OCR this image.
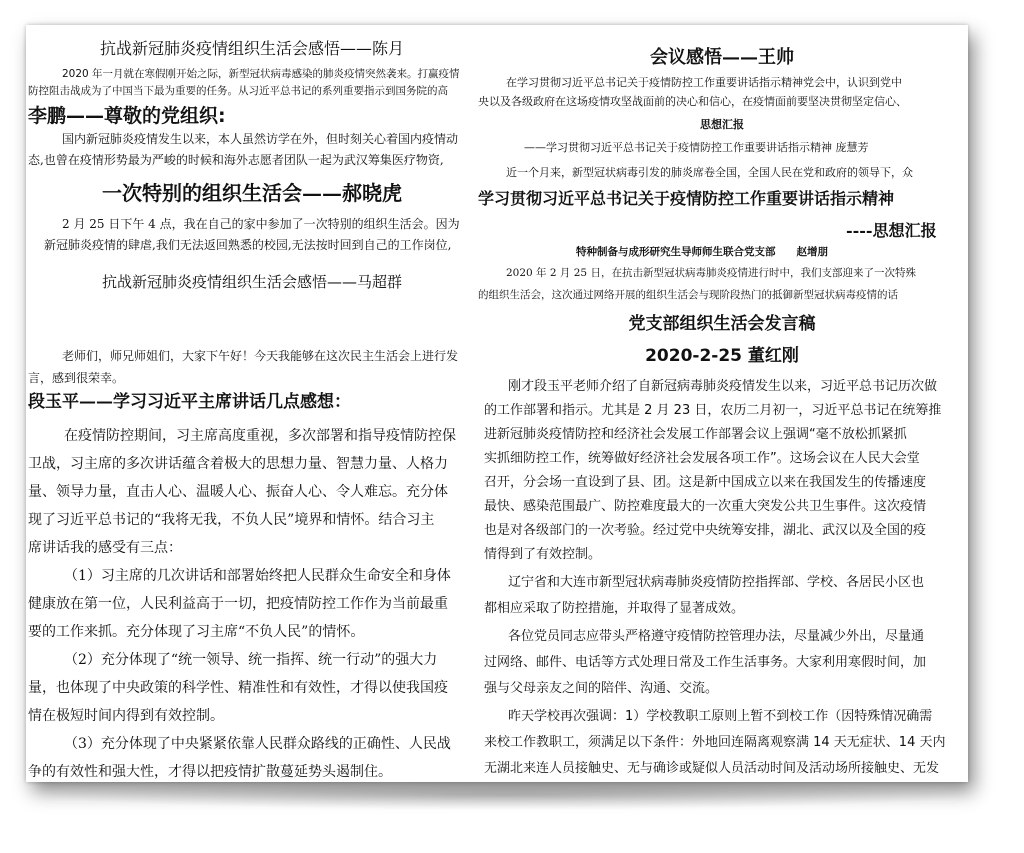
抗战新冠肺炎疫情组织生活会感悟——陈月
2020 年一月就在寒假刚开始之际，新型冠状病毒感染的肺炎疫情突然袭来。打赢疫情
防控阻击战成为了中国当下最为重要的任务。从习近平总书记的系列重要指示到国务院的高
李鹏——尊敬的党组织:
国内新冠肺炎疫情发生以来，本人虽然访学在外，但时刻关心着国内疫情动
态,也曾在疫情形势最为严峻的时候和海外志愿者团队一起为武汉筹集医疗物资,
一次特别的组织生活会——郝晓虎
2 月 25 日下午 4 点，我在自己的家中参加了一次特别的组织生活会。因为
新冠肺炎疫情的肆虐,我们无法返回熟悉的校园,无法按时回到自己的工作岗位,
抗战新冠肺炎疫情组织生活会感悟——马超群
老师们，师兄师姐们，大家下午好！今天我能够在这次民主生活会上进行发
言，感到很荣幸。
段玉平——学习习近平主席讲话几点感想：
在疫情防控期间，习主席高度重视，多次部署和指导疫情防控保
卫战，习主席的多次讲话蕴含着极大的思想力量、智慧力量、人格力
量、领导力量，直击人心、温暖人心、振奋人心、令人难忘。充分体
现了习近平总书记的“我将无我，不负人民”境界和情怀。结合习主
席讲话我的感受有三点：
（1）习主席的几次讲话和部署始终把人民群众生命安全和身体
健康放在第一位，人民利益高于一切，把疫情防控工作作为当前最重
要的工作来抓。充分体现了习主席“不负人民”的情怀。
（2）充分体现了“统一领导、统一指挥、统一行动”的强大力
量，也体现了中央政策的科学性、精准性和有效性，才得以使我国疫
情在极短时间内得到有效控制。
（3）充分体现了中央紧紧依靠人民群众路线的正确性、人民战
争的有效性和强大性，才得以把疫情扩散蔓延势头遏制住。
会议感悟——王帅
在学习贯彻习近平总书记关于疫情防控工作重要讲话指示精神党会中，认识到党中
央以及各级政府在这场疫情攻坚战面前的决心和信心，在疫情面前要坚决贯彻坚定信心、
思想汇报
——学习贯彻习近平总书记关于疫情防控工作重要讲话指示精神 庞慧芳
近一个月来，新型冠状病毒引发的肺炎席卷全国，全国人民在党和政府的领导下，众
学习贯彻习近平总书记关于疫情防控工作重要讲话指示精神
----思想汇报
特种制备与成形研究生导师师生联合党支部　　赵增朋
2020 年 2 月 25 日，在抗击新型冠状病毒肺炎疫情进行时中，我们支部迎来了一次特殊
的组织生活会，这次通过网络开展的组织生活会与现阶段热门的抵御新型冠状病毒疫情的话
党支部组织生活会发言稿
2020-2-25 董红刚
刚才段玉平老师介绍了自新冠病毒肺炎疫情发生以来，习近平总书记历次做
的工作部署和指示。尤其是 2 月 23 日，农历二月初一，习近平总书记在统筹推
进新冠肺炎疫情防控和经济社会发展工作部署会议上强调“毫不放松抓紧抓
实抓细防控工作，统筹做好经济社会发展各项工作”。这场会议在人民大会堂
召开，分会场一直设到了县、团。这是新中国成立以来在我国发生的传播速度
最快、感染范围最广、防控难度最大的一次重大突发公共卫生事件。这次疫情
也是对各级部门的一次考验。经过党中央统筹安排，湖北、武汉以及全国的疫
情得到了有效控制。
辽宁省和大连市新型冠状病毒肺炎疫情防控指挥部、学校、各居民小区也
都相应采取了防控措施，并取得了显著成效。
各位党员同志应带头严格遵守疫情防控管理办法，尽量减少外出，尽量通
过网络、邮件、电话等方式处理日常及工作生活事务。大家利用寒假时间，加
强与父母亲友之间的陪伴、沟通、交流。
昨天学校再次强调：1）学校教职工原则上暂不到校工作（因特殊情况确需
来校工作教职工，须满足以下条件：外地回连隔离观察满 14 天无症状、14 天内
无湖北来连人员接触史、无与确诊或疑似人员活动时间及活动场所接触史、无发
